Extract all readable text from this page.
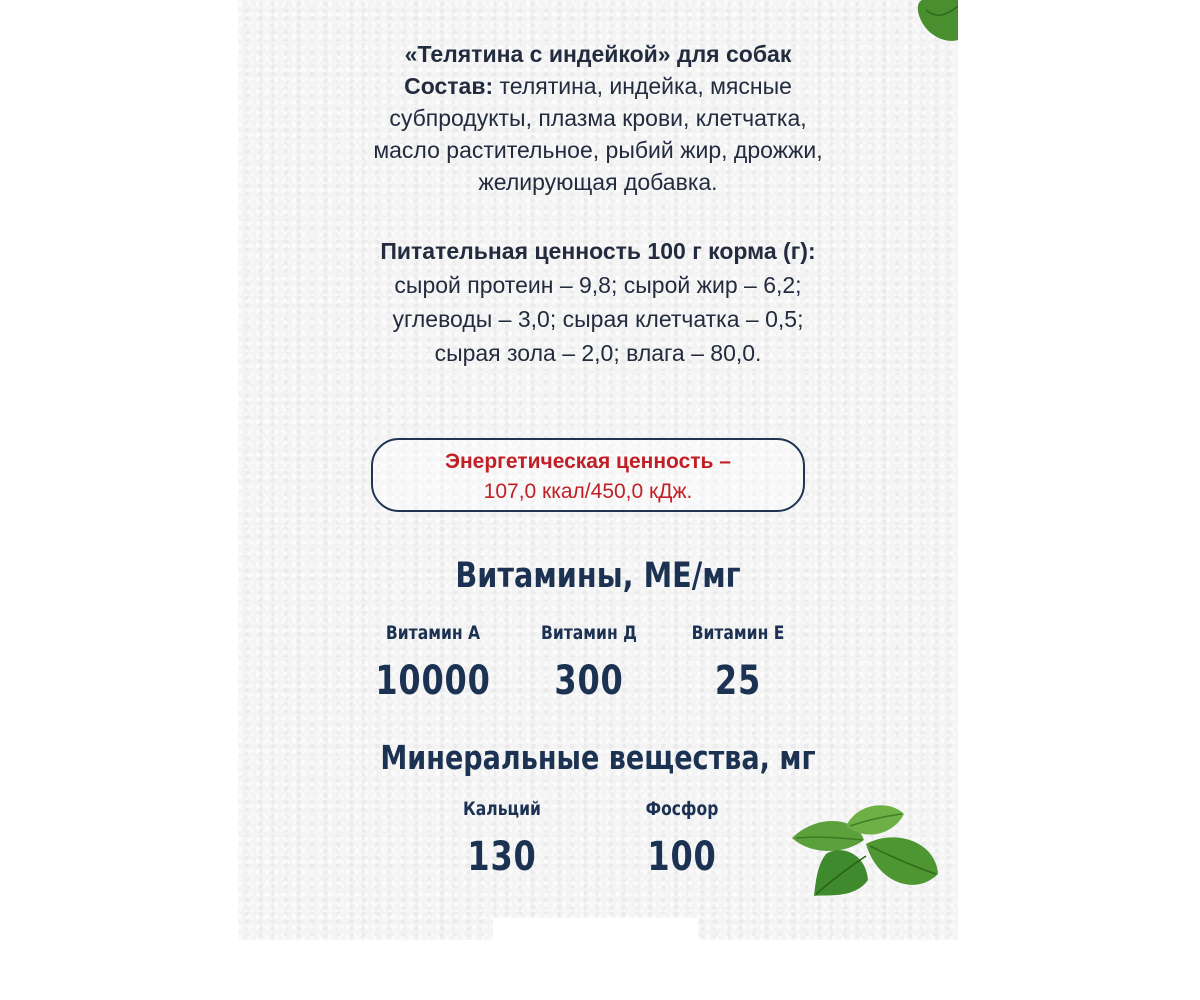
«Телятина с индейкой» для собак
Состав: телятина, индейка, мясные
субпродукты, плазма крови, клетчатка,
масло растительное, рыбий жир, дрожжи,
желирующая добавка.
Питательная ценность 100 г корма (г):
сырой протеин – 9,8; сырой жир – 6,2;
углеводы – 3,0; сырая клетчатка – 0,5;
сырая зола – 2,0; влага – 80,0.
Энергетическая ценность –
107,0 ккал/450,0 кДж.
Витамины, МЕ/мг
Витамин А
10000
Витамин Д
300
Витамин Е
25
Минеральные вещества, мг
Кальций
130
Фосфор
100
